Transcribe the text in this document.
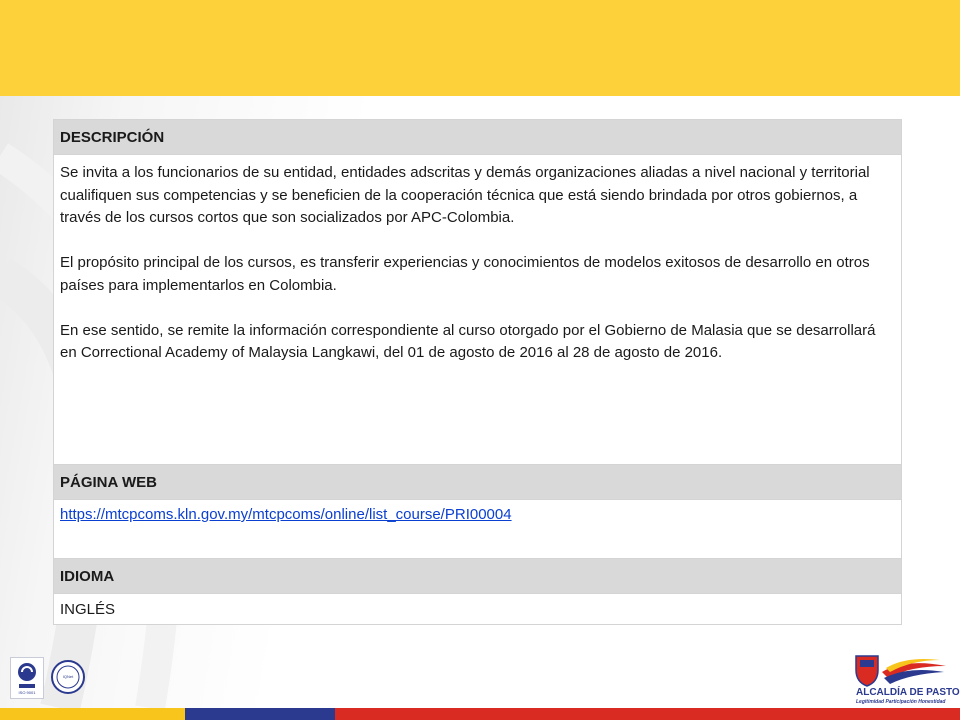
DESCRIPCIÓN

Se invita a los funcionarios de su entidad, entidades adscritas y demás organizaciones aliadas a nivel nacional y territorial cualifiquen sus competencias y se beneficien de la cooperación técnica que está siendo brindada por otros gobiernos, a través de los cursos cortos que son socializados por APC-Colombia.

El propósito principal de los cursos, es transferir experiencias y conocimientos de modelos exitosos de desarrollo en otros países para implementarlos en Colombia.

En ese sentido, se remite la información correspondiente al curso otorgado por el Gobierno de Malasia que se desarrollará en Correctional Academy of Malaysia Langkawi, del 01 de agosto de 2016 al 28 de agosto de 2016.

PÁGINA WEB
https://mtcpcoms.kln.gov.my/mtcpcoms/online/list_course/PRI00004
IDIOMA
INGLÉS
ISO 9001
IQNet
ALCALDÍA DE PASTO
Legitimidad Participación Honestidad
